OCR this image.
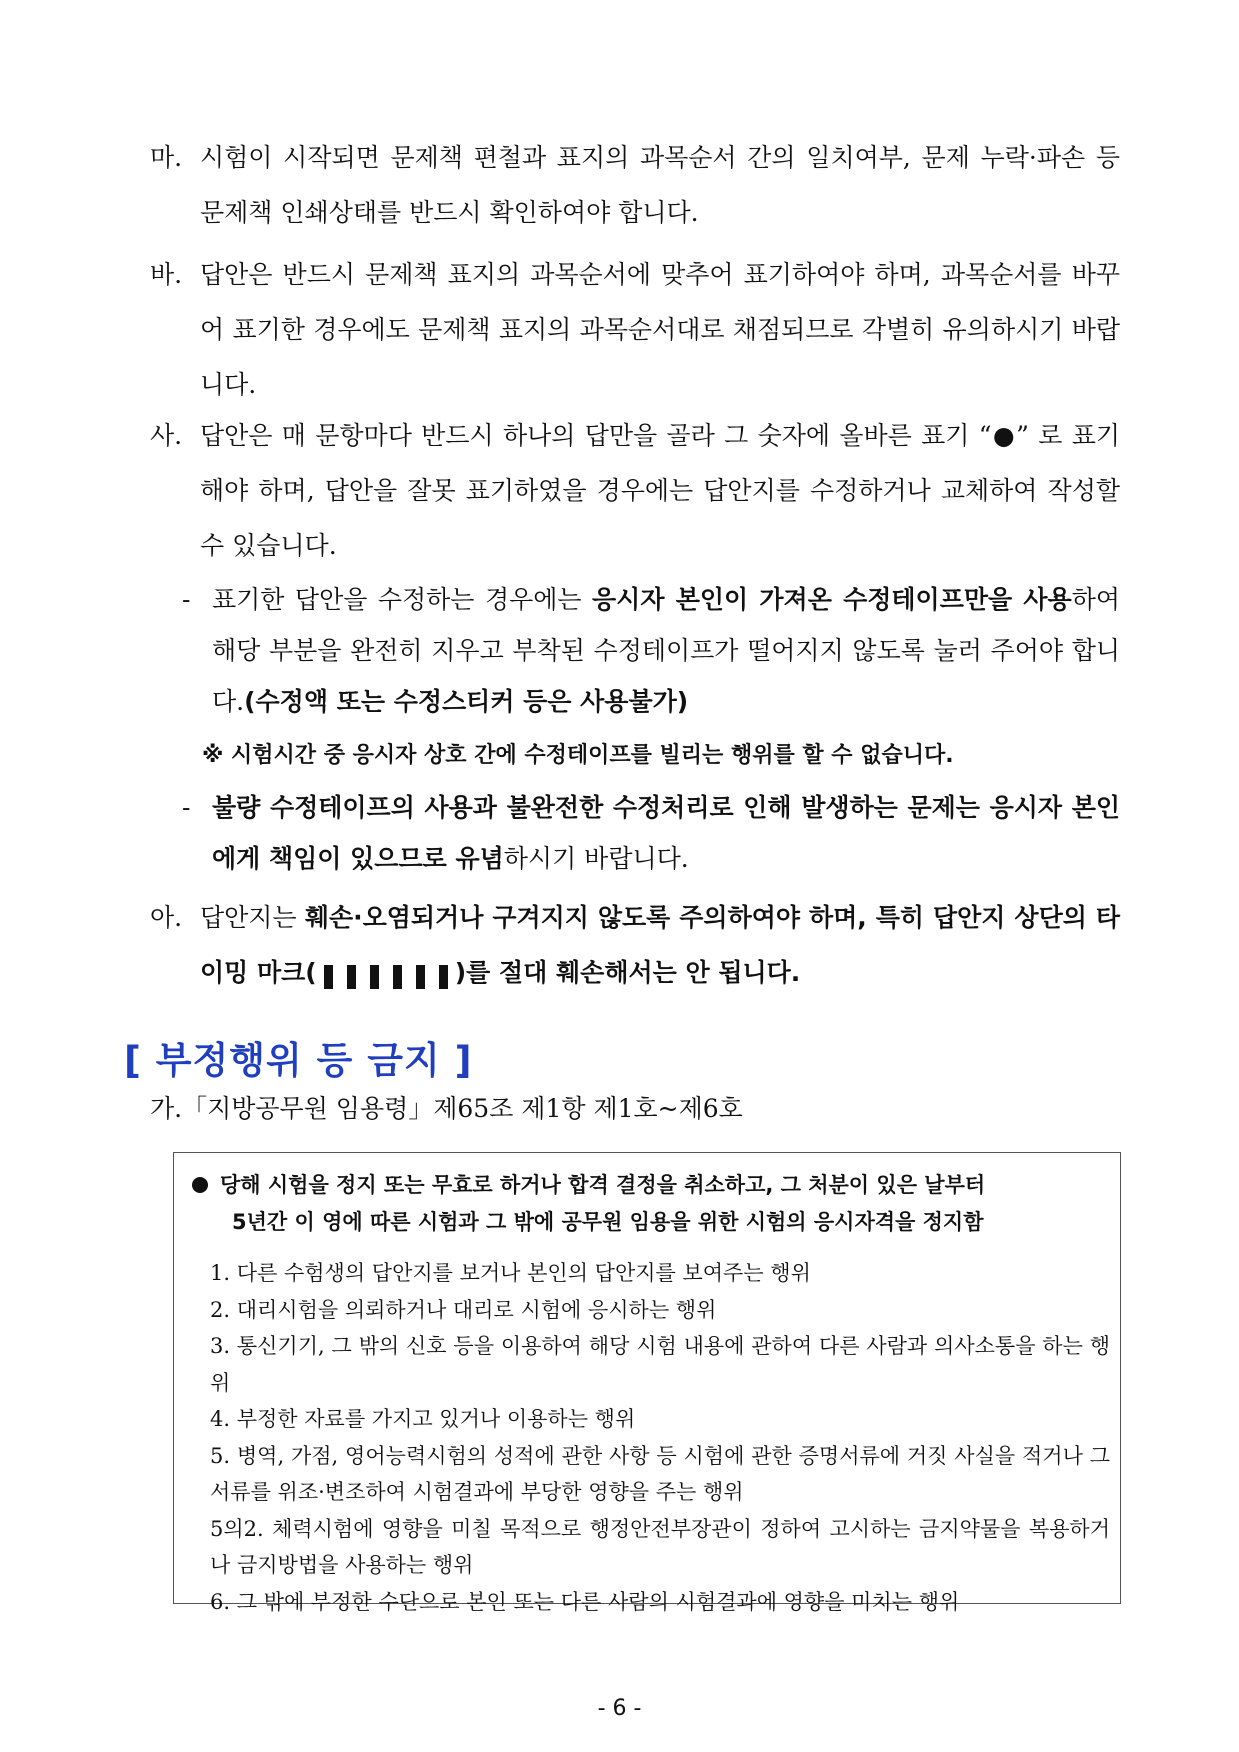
마. 시험이 시작되면 문제책 편철과 표지의 과목순서 간의 일치여부, 문제 누락·파손 등 문제책 인쇄상태를 반드시 확인하여야 합니다.
바. 답안은 반드시 문제책 표지의 과목순서에 맞추어 표기하여야 하며, 과목순서를 바꾸어 표기한 경우에도 문제책 표지의 과목순서대로 채점되므로 각별히 유의하시기 바랍니다.
사. 답안은 매 문항마다 반드시 하나의 답만을 골라 그 숫자에 올바른 표기 “●” 로 표기해야 하며, 답안을 잘못 표기하였을 경우에는 답안지를 수정하거나 교체하여 작성할 수 있습니다.
- 표기한 답안을 수정하는 경우에는 응시자 본인이 가져온 수정테이프만을 사용하여 해당 부분을 완전히 지우고 부착된 수정테이프가 떨어지지 않도록 눌러 주어야 합니다.(수정액 또는 수정스티커 등은 사용불가)
※ 시험시간 중 응시자 상호 간에 수정테이프를 빌리는 행위를 할 수 없습니다.
- 불량 수정테이프의 사용과 불완전한 수정처리로 인해 발생하는 문제는 응시자 본인에게 책임이 있으므로 유념하시기 바랍니다.
아. 답안지는 훼손·오염되거나 구겨지지 않도록 주의하여야 하며, 특히 답안지 상단의 타이밍 마크(	)를 절대 훼손해서는 안 됩니다.
[ 부정행위 등 금지 ]
가.「지방공무원 임용령」제65조 제1항 제1호~제6호
당해 시험을 정지 또는 무효로 하거나 합격 결정을 취소하고, 그 처분이 있은 날부터
5년간 이 영에 따른 시험과 그 밖에 공무원 임용을 위한 시험의 응시자격을 정지함
1. 다른 수험생의 답안지를 보거나 본인의 답안지를 보여주는 행위
2. 대리시험을 의뢰하거나 대리로 시험에 응시하는 행위
3. 통신기기, 그 밖의 신호 등을 이용하여 해당 시험 내용에 관하여 다른 사람과 의사소통을 하는 행위
4. 부정한 자료를 가지고 있거나 이용하는 행위
5. 병역, 가점, 영어능력시험의 성적에 관한 사항 등 시험에 관한 증명서류에 거짓 사실을 적거나 그 서류를 위조·변조하여 시험결과에 부당한 영향을 주는 행위
5의2. 체력시험에 영향을 미칠 목적으로 행정안전부장관이 정하여 고시하는 금지약물을 복용하거나 금지방법을 사용하는 행위
6. 그 밖에 부정한 수단으로 본인 또는 다른 사람의 시험결과에 영향을 미치는 행위
- 6 -
